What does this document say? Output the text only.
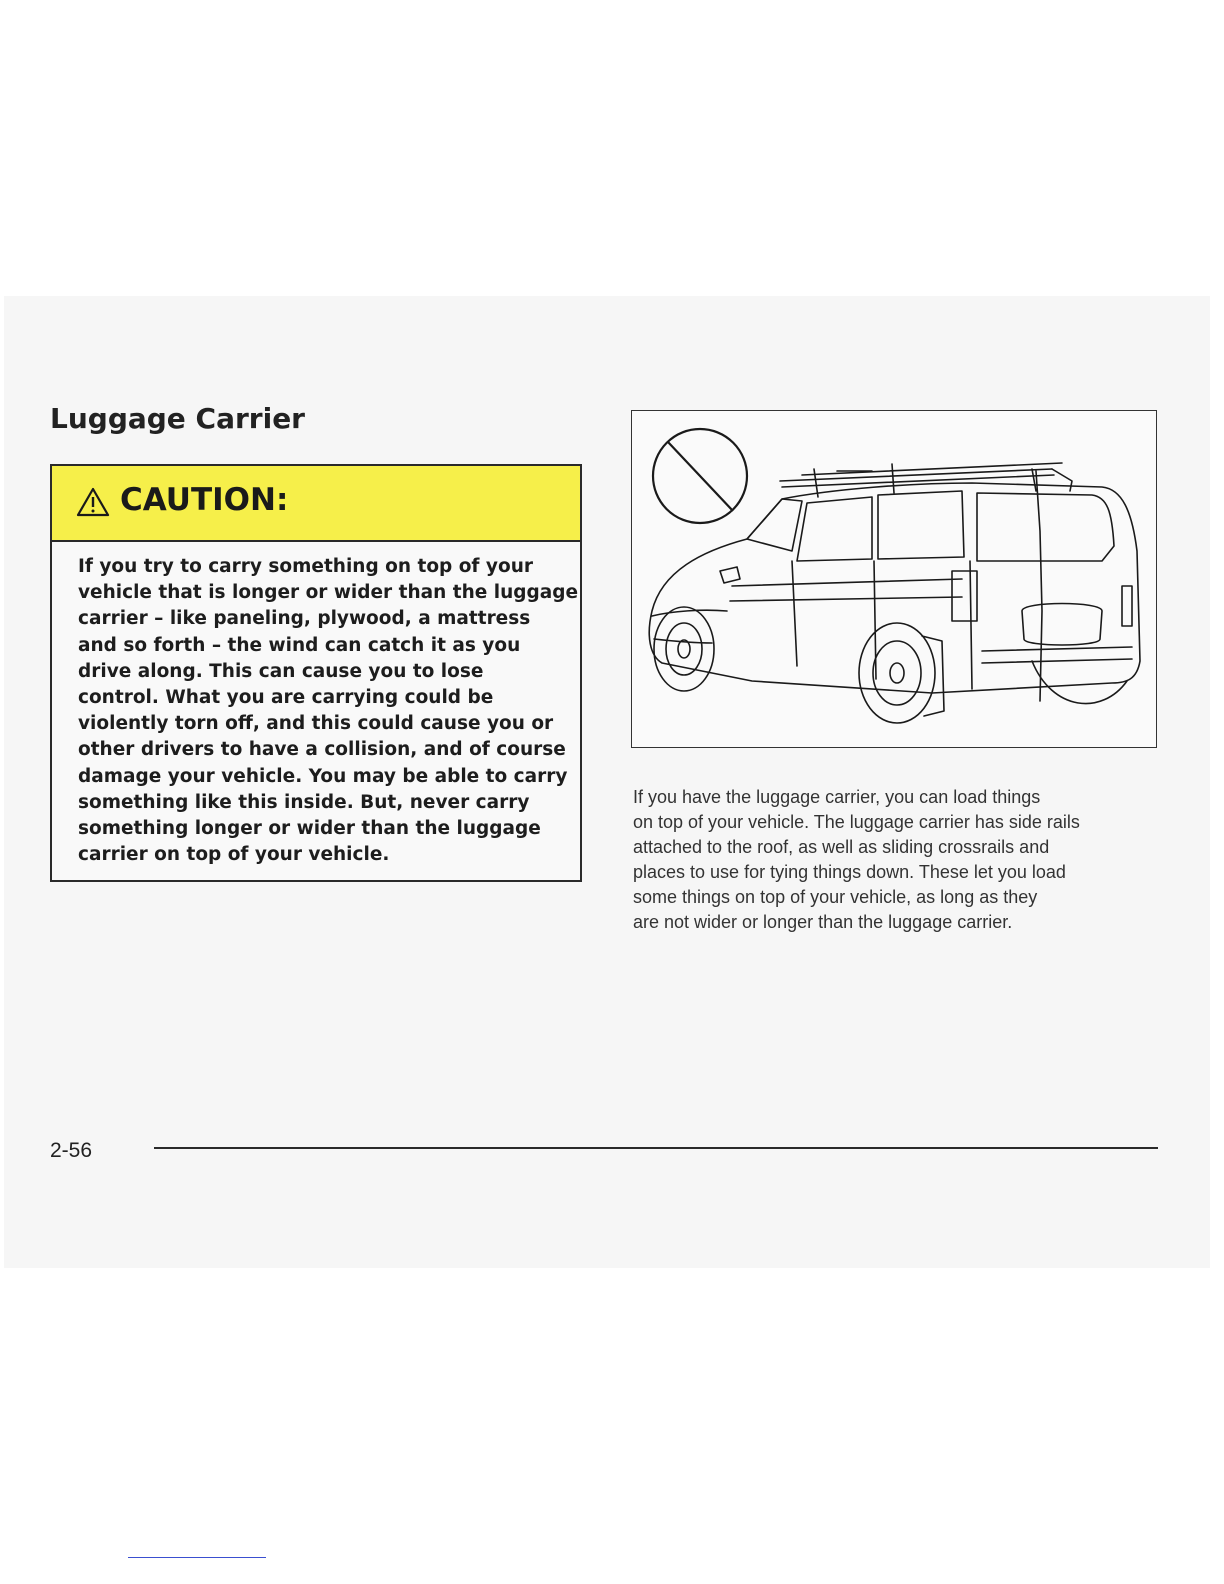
Luggage Carrier
CAUTION:
If you try to carry something on top of your
vehicle that is longer or wider than the luggage
carrier – like paneling, plywood, a mattress
and so forth – the wind can catch it as you
drive along. This can cause you to lose
control. What you are carrying could be
violently torn off, and this could cause you or
other drivers to have a collision, and of course
damage your vehicle. You may be able to carry
something like this inside. But, never carry
something longer or wider than the luggage
carrier on top of your vehicle.
If you have the luggage carrier, you can load things
on top of your vehicle. The luggage carrier has side rails
attached to the roof, as well as sliding crossrails and
places to use for tying things down. These let you load
some things on top of your vehicle, as long as they
are not wider or longer than the luggage carrier.
2-56
